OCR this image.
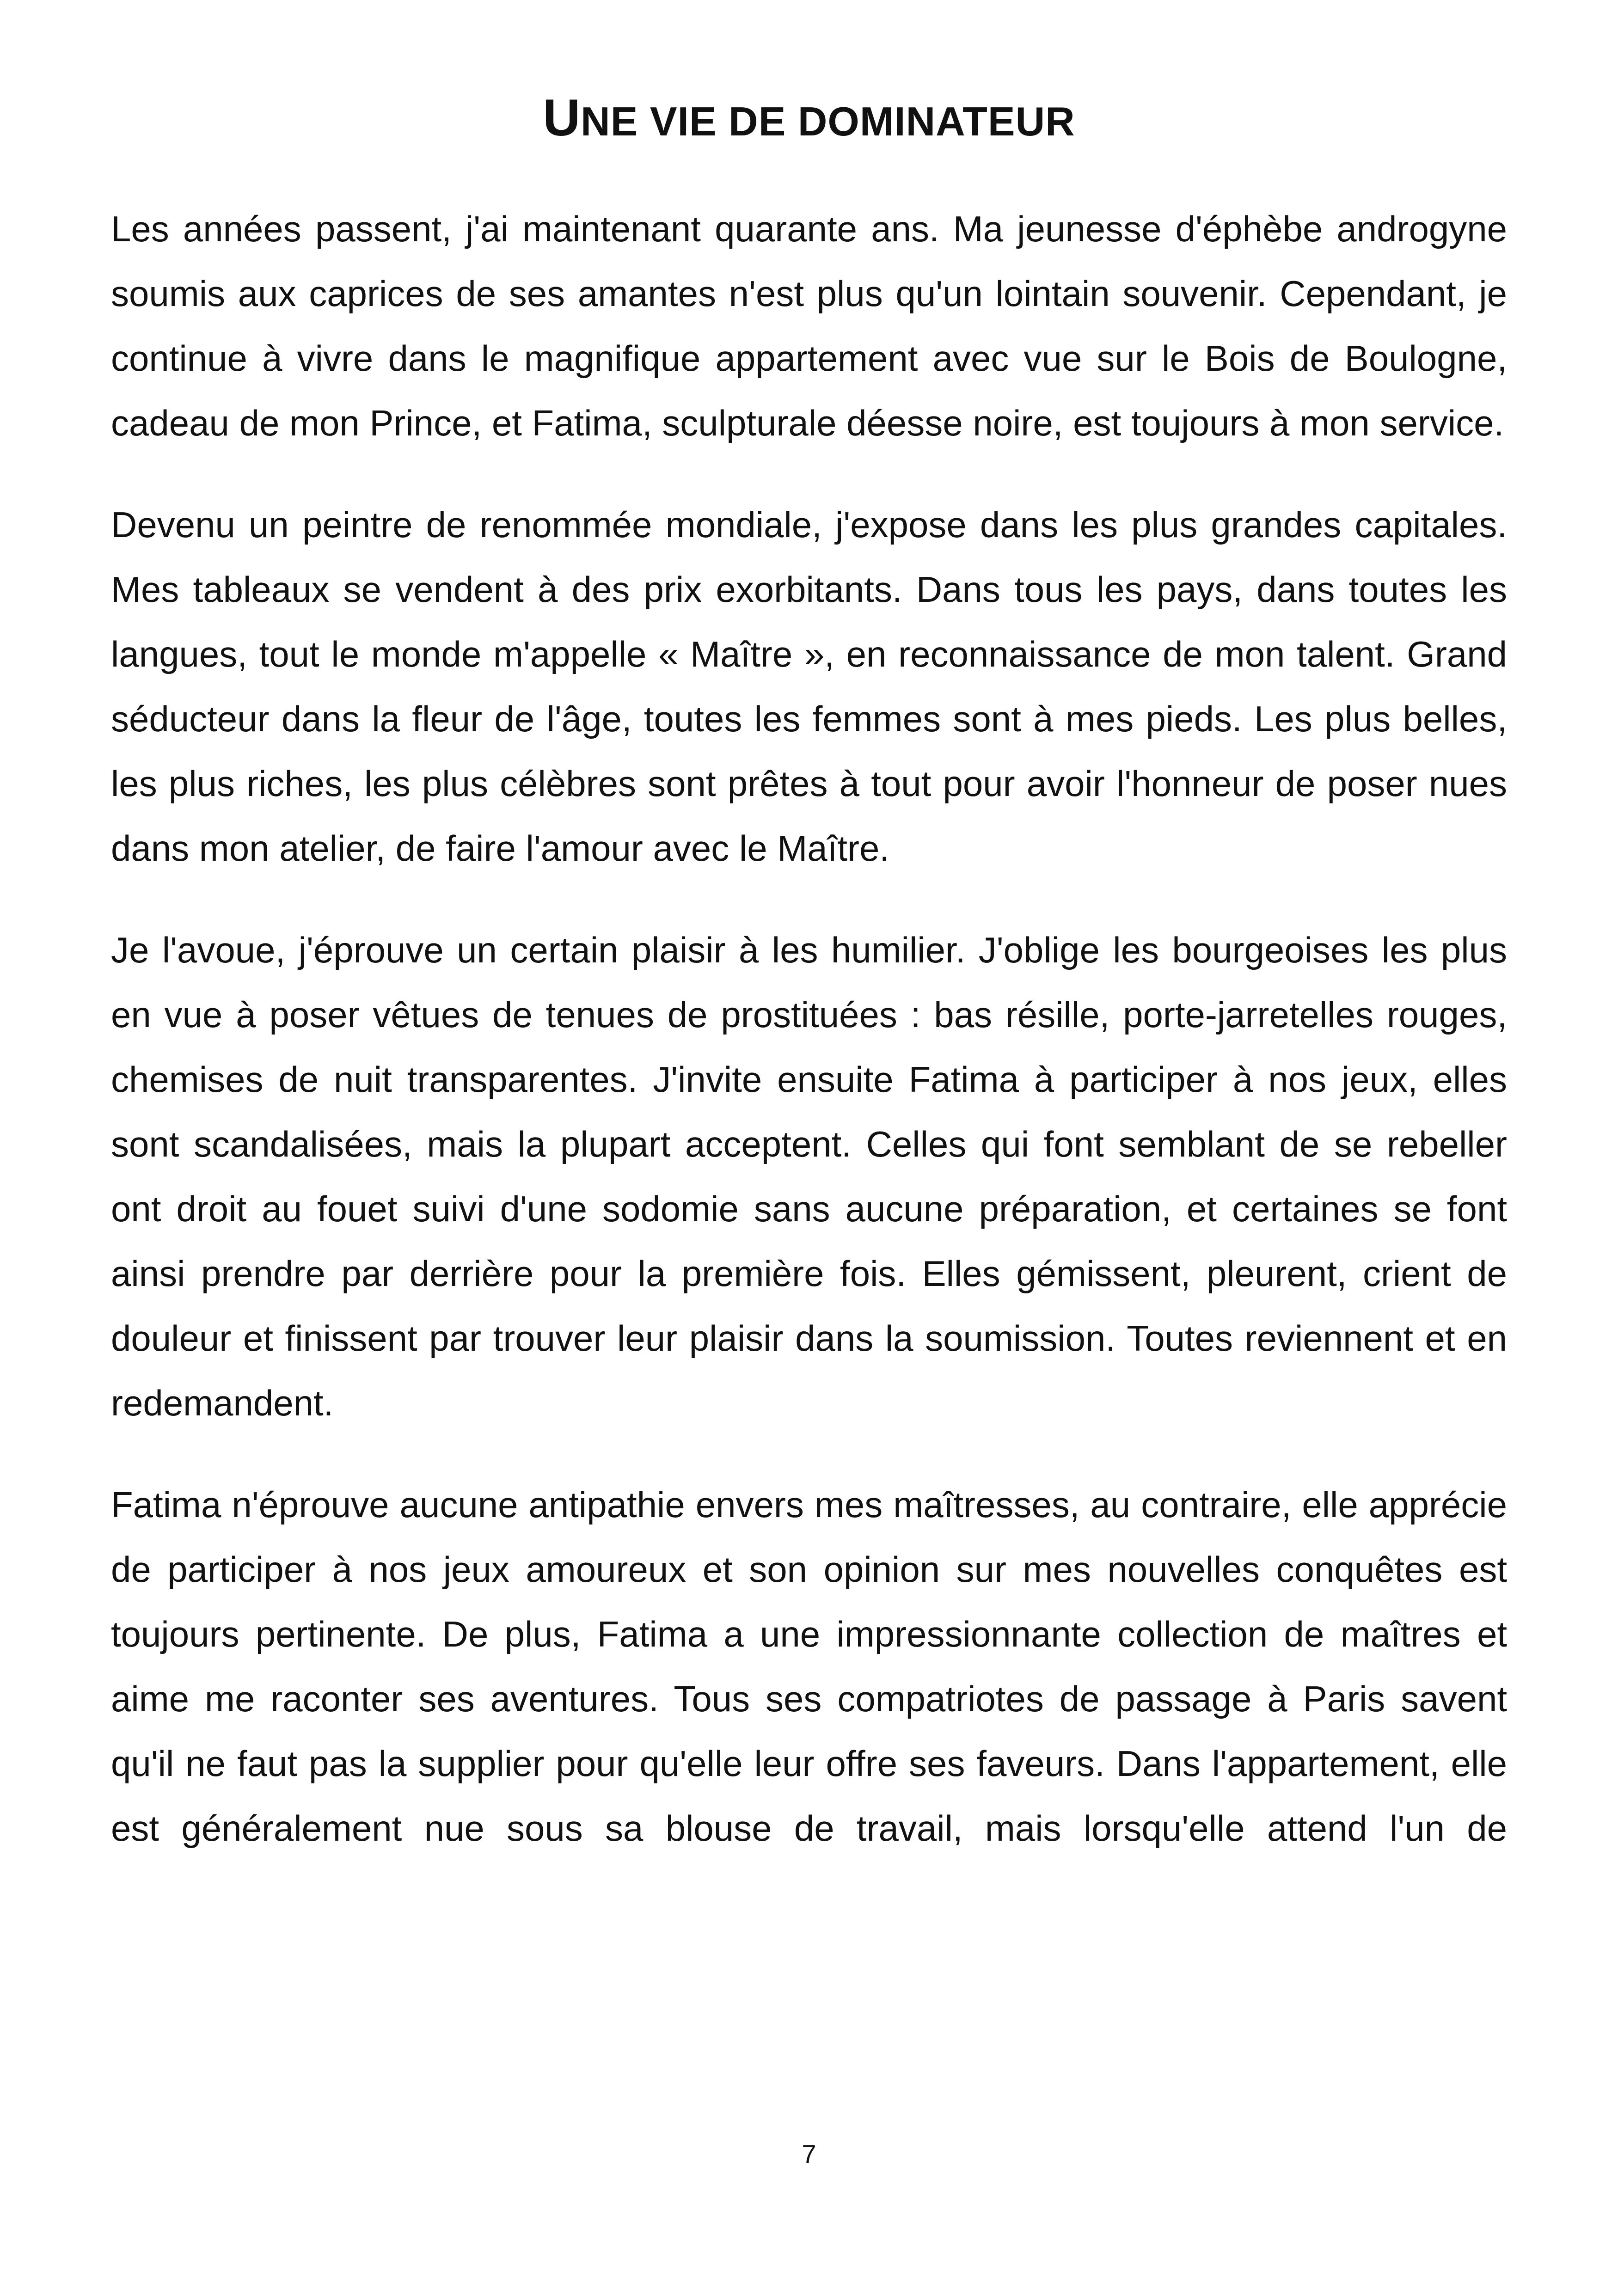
UNE VIE DE DOMINATEUR

Les années passent, j'ai maintenant quarante ans. Ma jeunesse d'éphèbe androgyne soumis aux caprices de ses amantes n'est plus qu'un lointain souvenir. Cependant, je continue à vivre dans le magnifique appartement avec vue sur le Bois de Boulogne, cadeau de mon Prince, et Fatima, sculpturale déesse noire, est toujours à mon service.

Devenu un peintre de renommée mondiale, j'expose dans les plus grandes capitales. Mes tableaux se vendent à des prix exorbitants. Dans tous les pays, dans toutes les langues, tout le monde m'appelle « Maître », en reconnaissance de mon talent. Grand séducteur dans la fleur de l'âge, toutes les femmes sont à mes pieds. Les plus belles, les plus riches, les plus célèbres sont prêtes à tout pour avoir l'honneur de poser nues dans mon atelier, de faire l'amour avec le Maître.

Je l'avoue, j'éprouve un certain plaisir à les humilier. J'oblige les bourgeoises les plus en vue à poser vêtues de tenues de prostituées : bas résille, porte-jarretelles rouges, chemises de nuit transparentes. J'invite ensuite Fatima à participer à nos jeux, elles sont scandalisées, mais la plupart acceptent. Celles qui font semblant de se rebeller ont droit au fouet suivi d'une sodomie sans aucune préparation, et certaines se font ainsi prendre par derrière pour la première fois. Elles gémissent, pleurent, crient de douleur et finissent par trouver leur plaisir dans la soumission. Toutes reviennent et en redemandent.

Fatima n'éprouve aucune antipathie envers mes maîtresses, au contraire, elle apprécie de participer à nos jeux amoureux et son opinion sur mes nouvelles conquêtes est toujours pertinente. De plus, Fatima a une impressionnante collection de maîtres et aime me raconter ses aventures. Tous ses compatriotes de passage à Paris savent qu'il ne faut pas la supplier pour qu'elle leur offre ses faveurs. Dans l'appartement, elle est généralement nue sous sa blouse de travail, mais lorsqu'elle attend l'un de

7
